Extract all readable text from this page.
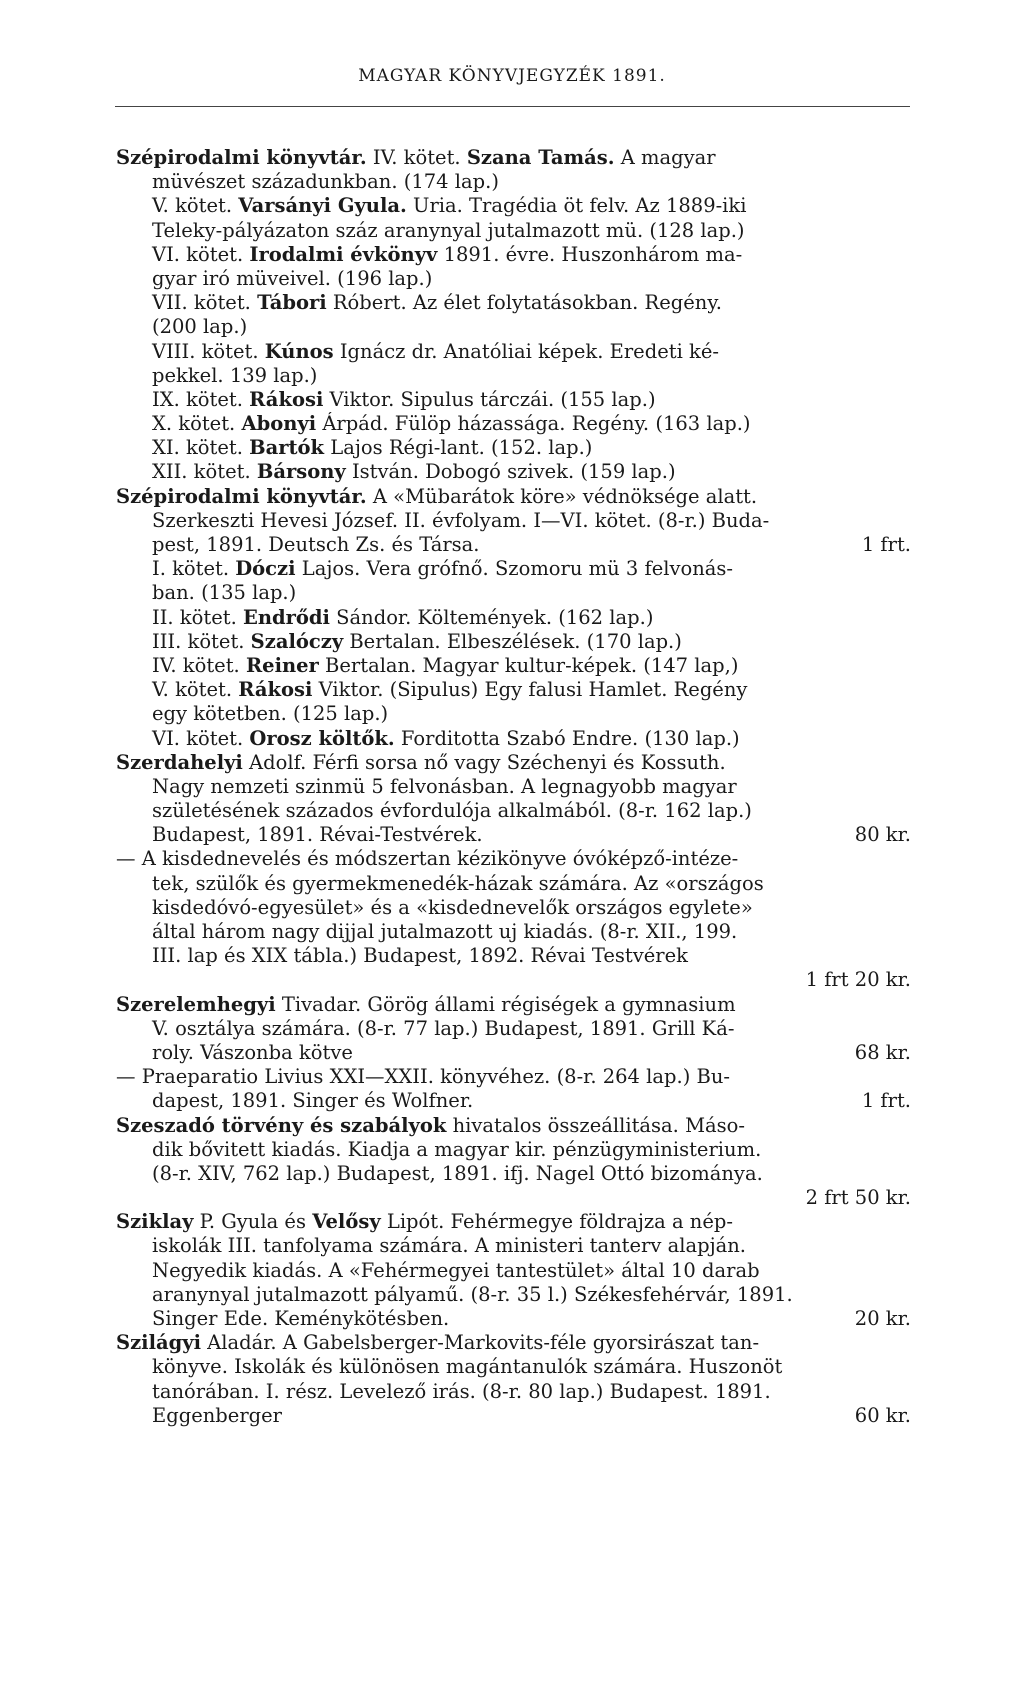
MAGYAR KÖNYVJEGYZÉK 1891.
Szépirodalmi könyvtár. IV. kötet. Szana Tamás. A magyar
müvészet századunkban. (174 lap.)
V. kötet. Varsányi Gyula. Uria. Tragédia öt felv. Az 1889-iki
Teleky-pályázaton száz aranynyal jutalmazott mü. (128 lap.)
VI. kötet. Irodalmi évkönyv 1891. évre. Huszonhárom ma-
gyar iró müveivel. (196 lap.)
VII. kötet. Tábori Róbert. Az élet folytatásokban. Regény.
(200 lap.)
VIII. kötet. Kúnos Ignácz dr. Anatóliai képek. Eredeti ké-
pekkel. 139 lap.)
IX. kötet. Rákosi Viktor. Sipulus tárczái. (155 lap.)
X. kötet. Abonyi Árpád. Fülöp házassága. Regény. (163 lap.)
XI. kötet. Bartók Lajos Régi-lant. (152. lap.)
XII. kötet. Bársony István. Dobogó szivek. (159 lap.)
Szépirodalmi könyvtár. A «Mübarátok köre» védnöksége alatt.
Szerkeszti Hevesi József. II. évfolyam. I—VI. kötet. (8-r.) Buda-
1 frt.
pest, 1891. Deutsch Zs. és Társa.
I. kötet. Dóczi Lajos. Vera grófnő. Szomoru mü 3 felvonás-
ban. (135 lap.)
II. kötet. Endrődi Sándor. Költemények. (162 lap.)
III. kötet. Szalóczy Bertalan. Elbeszélések. (170 lap.)
IV. kötet. Reiner Bertalan. Magyar kultur-képek. (147 lap,)
V. kötet. Rákosi Viktor. (Sipulus) Egy falusi Hamlet. Regény
egy kötetben. (125 lap.)
VI. kötet. Orosz költők. Forditotta Szabó Endre. (130 lap.)
Szerdahelyi Adolf. Férfi sorsa nő vagy Széchenyi és Kossuth.
Nagy nemzeti szinmü 5 felvonásban. A legnagyobb magyar
születésének százados évfordulója alkalmából. (8-r. 162 lap.)
80 kr.
Budapest, 1891. Révai-Testvérek.
— A kisdednevelés és módszertan kézikönyve óvóképző-intéze-
tek, szülők és gyermekmenedék-házak számára. Az «országos
kisdedóvó-egyesület» és a «kisdednevelők országos egylete»
által három nagy dijjal jutalmazott uj kiadás. (8-r. XII., 199.
III. lap és XIX tábla.) Budapest, 1892. Révai Testvérek
1 frt 20 kr.
Szerelemhegyi Tivadar. Görög állami régiségek a gymnasium
V. osztálya számára. (8-r. 77 lap.) Budapest, 1891. Grill Ká-
68 kr.
roly. Vászonba kötve
— Praeparatio Livius XXI—XXII. könyvéhez. (8-r. 264 lap.) Bu-
1 frt.
dapest, 1891. Singer és Wolfner.
Szeszadó törvény és szabályok hivatalos összeállitása. Máso-
dik bővitett kiadás. Kiadja a magyar kir. pénzügyministerium.
(8-r. XIV, 762 lap.) Budapest, 1891. ifj. Nagel Ottó bizománya.
2 frt 50 kr.
Sziklay P. Gyula és Velősy Lipót. Fehérmegye földrajza a nép-
iskolák III. tanfolyama számára. A ministeri tanterv alapján.
Negyedik kiadás. A «Fehérmegyei tantestület» által 10 darab
aranynyal jutalmazott pályamű. (8-r. 35 l.) Székesfehérvár, 1891.
20 kr.
Singer Ede. Keménykötésben.
Szilágyi Aladár. A Gabelsberger-Markovits-féle gyorsirászat tan-
könyve. Iskolák és különösen magántanulók számára. Huszonöt
tanórában. I. rész. Levelező irás. (8-r. 80 lap.) Budapest. 1891.
60 kr.
Eggenberger
